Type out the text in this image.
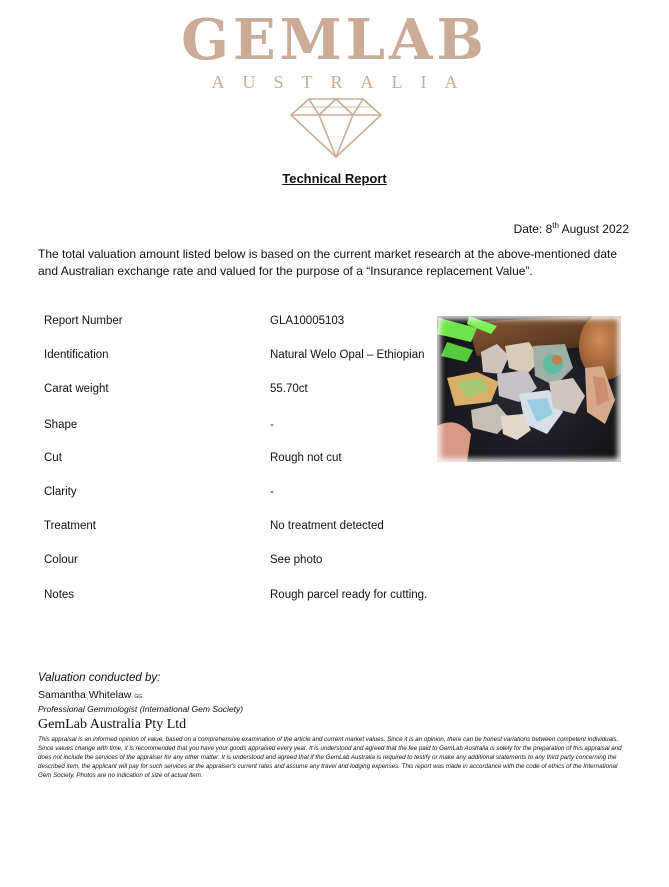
GEMLAB
AUSTRALIA
Technical Report
Date: 8th August 2022
The total valuation amount listed below is based on the current market research at the above-mentioned date and Australian exchange rate and valued for the purpose of a “Insurance replacement Value”.
Report Number	GLA10005103
Identification	Natural Welo Opal – Ethiopian
Carat weight	55.70ct
Shape	-
Cut	Rough not cut
Clarity	-
Treatment	No treatment detected
Colour	See photo
Notes	Rough parcel ready for cutting.
Valuation conducted by:
Samantha Whitelaw GG
Professional Gemmologist (International Gem Society)
GemLab Australia Pty Ltd
This appraisal is an informed opinion of value, based on a comprehensive examination of the article and current market values. Since it is an opinion, there can be honest variations between competent individuals. Since values change with time, it is recommended that you have your goods appraised every year. It is understood and agreed that the fee paid to GemLab Australia is solely for the preparation of this appraisal and does not include the services of the appraiser for any other matter. It is understood and agreed that if the GemLab Australia is required to testify or make any additional statements to any third party concerning the described item, the applicant will pay for such services at the appraiser's current rates and assume any travel and lodging expenses. This report was made in accordance with the code of ethics of the International Gem Society. Photos are no indication of size of actual item.
